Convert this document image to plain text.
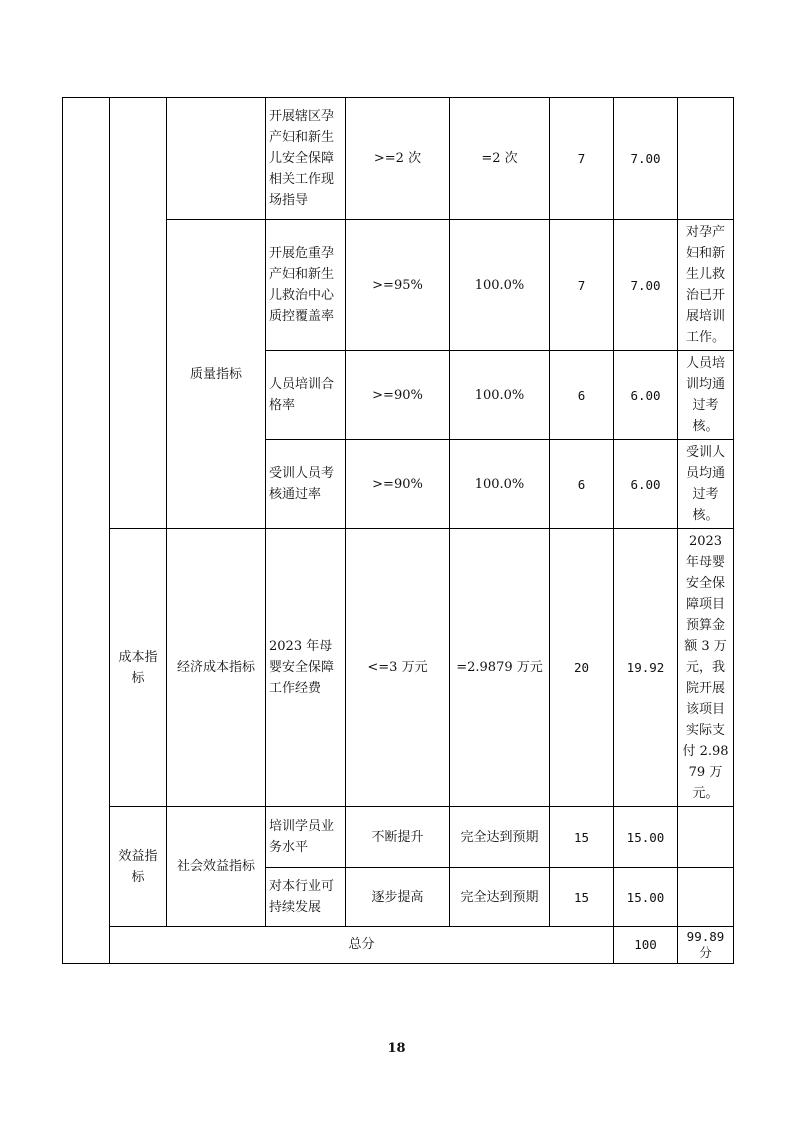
			开展辖区孕产妇和新生儿安全保障相关工作现场指导	>=2 次	=2 次	7	7.00		
		质量指标	开展危重孕产妇和新生儿救治中心质控覆盖率	>=95%	100.0%	7	7.00	对孕产妇和新生儿救治已开展培训工作。	
			人员培训合格率	>=90%	100.0%	6	6.00	人员培训均通过考核。	
			受训人员考核通过率	>=90%	100.0%	6	6.00	受训人员均通过考核。	
	成本指标	经济成本指标	2023 年母婴安全保障工作经费	<=3 万元	=2.9879 万元	20	19.92	2023 年母婴安全保障项目预算金额 3 万元，我院开展该项目实际支付 2.9879 万元。	
	效益指标	社会效益指标	培训学员业务水平	不断提升	完全达到预期	15	15.00		
			对本行业可持续发展	逐步提高	完全达到预期	15	15.00		
	总分						100	99.89 分	
18
